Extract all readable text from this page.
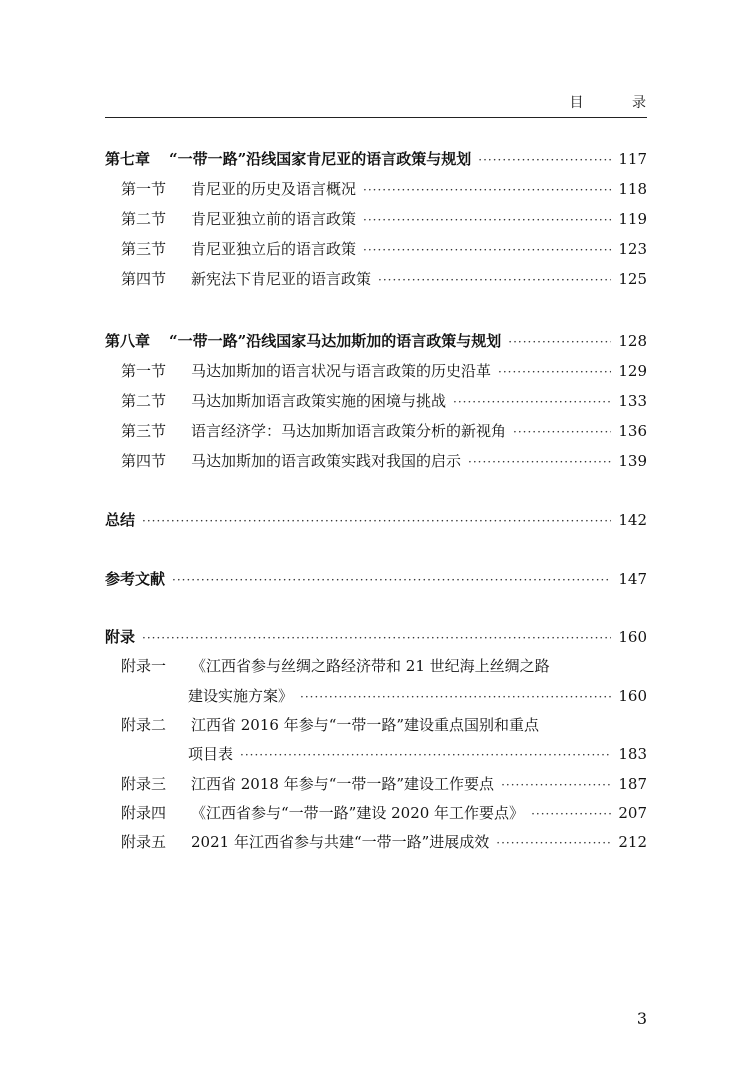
目 录
第七章	“一带一路”沿线国家肯尼亚的语言政策与规划 ·····	117
第一节	肯尼亚的历史及语言概况 ·····	118
第二节	肯尼亚独立前的语言政策 ·····	119
第三节	肯尼亚独立后的语言政策 ·····	123
第四节	新宪法下肯尼亚的语言政策 ·····	125
第八章	“一带一路”沿线国家马达加斯加的语言政策与规划 ·····	128
第一节	马达加斯加的语言状况与语言政策的历史沿革 ·····	129
第二节	马达加斯加语言政策实施的困境与挑战 ·····	133
第三节	语言经济学：马达加斯加语言政策分析的新视角 ·····	136
第四节	马达加斯加的语言政策实践对我国的启示 ·····	139
总结 ·····	142
参考文献 ·····	147
附录 ·····	160
附录一	《江西省参与丝绸之路经济带和 21 世纪海上丝绸之路
建设实施方案》 ·····	160
附录二	江西省 2016 年参与“一带一路”建设重点国别和重点
项目表 ·····	183
附录三	江西省 2018 年参与“一带一路”建设工作要点 ·····	187
附录四	《江西省参与“一带一路”建设 2020 年工作要点》 ·····	207
附录五	2021 年江西省参与共建“一带一路”进展成效 ·····	212
3
